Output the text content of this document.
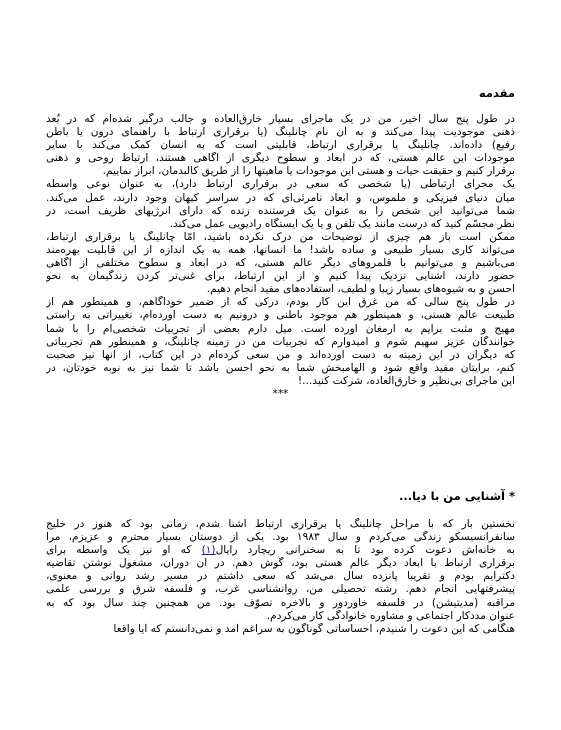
مقدمه
در طول پنج سال اخیر، من در یک ماجرای بسیار خارق‌العاده و جالب درگیر شده‌ام که در بُعد
ذهنی موجودیت پیدا می‌کند و به آن نام چانلینگ (یا برقراری ارتباط با راهنمای درون یا باطن
رفیع) داده‌اند. چانلینگ یا برقراری ارتباط، قابلیتی است که به انسان کمک می‌کند با سایر
موجودات این عالم هستی، که در ابعاد و سطوح دیگری از آگاهی هستند، ارتباط روحی و ذهنی
برقرار کنیم و حقیقت حیات و هستی این موجودات یا ماهیتها را از طریق کالبدمان، ابراز نماییم.
یک مجرای ارتباطی (یا شخصی که سعی در برقراری ارتباط دارد)، به عنوان نوعی واسطه
میان دنیای فیزیکی و ملموس، و ابعاد نامرئی‌ای که در سراسر کیهان وجود دارند، عمل می‌کند.
شما می‌توانید این شخص را به عنوان یک فرستنده زنده که دارای انرژیهای ظریف است، در
نظر مجسّم کنید که درست مانند یک تلفن و یا یک ایستگاه رادیویی عمل می‌کند.
ممکن است باز هم چیزی از توضیحات من درک نکرده باشید، امّا چانلینگ یا برقراری ارتباط،
می‌تواند کاری بسیار طبیعی و ساده باشد! ما انسانها، همه به یک اندازه از این قابلیت بهره‌مند
می‌باشیم و می‌توانیم با قلمروهای دیگر عالم هستی، که در ابعاد و سطوح مختلفی از آگاهی
حضور دارند، آشنایی نزدیک پیدا کنیم و از این ارتباط، برای غنی‌تر کردن زندگیمان به نحو
احسن و به شیوه‌های بسیار زیبا و لطیف، استفاده‌های مفید انجام دهیم.
در طول پنج سالی که من غرق این کار بودم، درکی که از ضمیر خودآگاهم، و همینطور هم از
طبیعت عالم هستی، و همینطور هم موجود باطنی و درونیم به دست آورده‌ام، تغییراتی به راستی
مهیج و مثبت برایم به ارمغان آورده است. میل دارم بعضی از تجربیات شخصی‌ام را با شما
خوانندگان عزیز سهیم شوم و امیدوارم که تجربیات من در زمینه چانلینگ، و همینطور هم تجربیاتی
که دیگران در این زمینه به دست آورده‌اند و من سعی کرده‌ام در این کتاب، از آنها نیز صحبت
کنم، برایتان مفید واقع شود و الهامبخش شما به نحو احسن باشد تا شما نیز به نوبه خودتان، در
این ماجرای بی‌نظیر و خارق‌العاده، شرکت کنید...!
***
* آشنایی من با دیا...
نخستین بار که با مراحل چانلینگ یا برقراری ارتباط آشنا شدم، زمانی بود که هنوز در خلیج
سانفرانسیسکو زندگی می‌کردم و سال ۱۹۸۳ بود. یکی از دوستان بسیار محترم و عزیزم، مرا
به خانه‌اش دعوت کرده بود تا به سخنرانی ریچارد رایال(۱) که او نیز یک واسطه برای
برقراری ارتباط با ابعاد دیگر عالم هستی بود، گوش دهم. در آن دوران، مشغول نوشتن تقاضیه
دکترایم بودم و تقریبا پانزده سال می‌شد که سعی داشتم در مسیر رشد روانی و معنوی،
پیشرفتهایی انجام دهم. رشته تحصیلی من، روانشناسی غرب، و فلسفه شرق و بررسی علمی
مراقبه (مدیتیشن) در فلسفه خاوردور و بالاخره تصوّف بود. من همچنین چند سال بود که به
عنوان مددکار اجتماعی و مشاوره خانوادگی کار می‌کردم.
هنگامی که این دعوت را شنیدم، احساساتی گوناگون به سراغم آمد و نمی‌دانستم که آیا واقعا
